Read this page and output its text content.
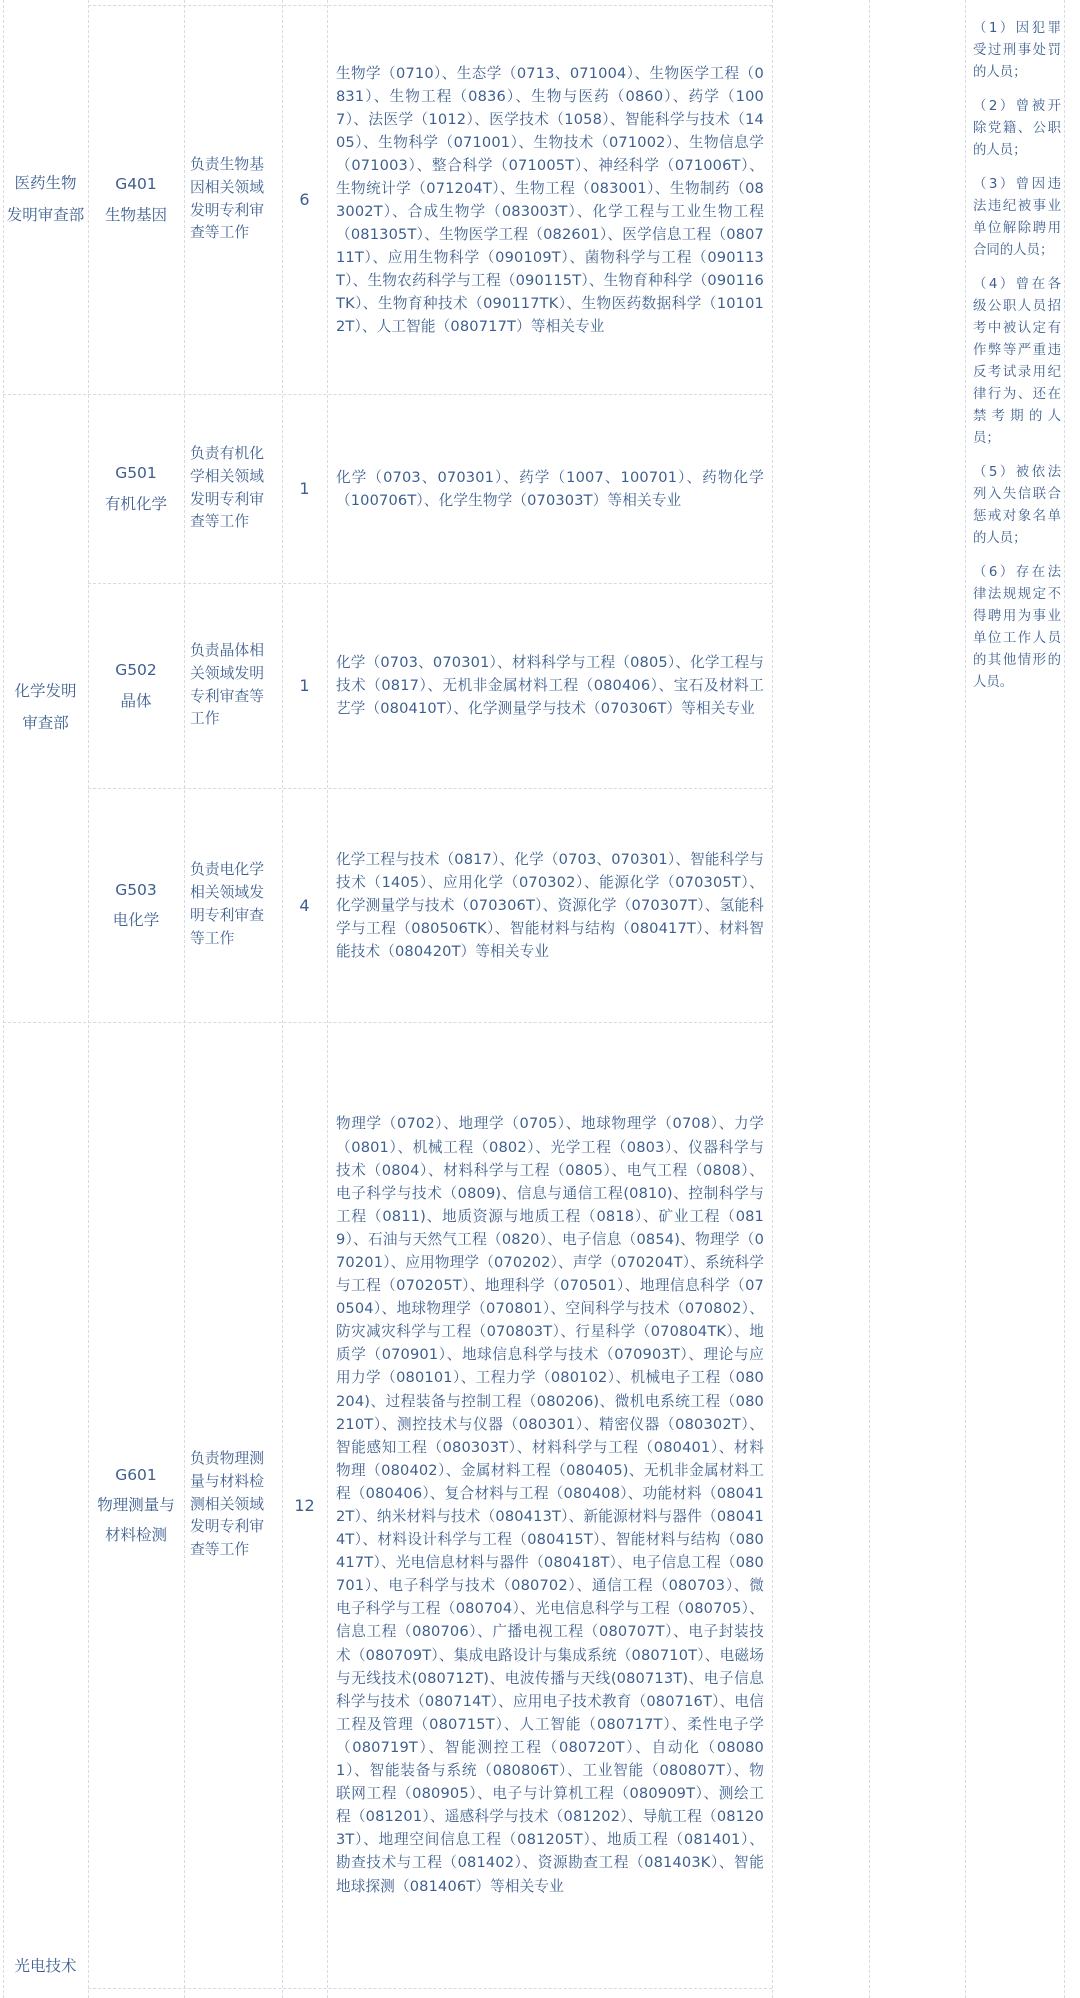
医药生物
发明审查部
化学发明
审查部
光电技术
G401
生物基因
负责生物基因相关领域发明专利审查等工作
6
生物学（0710）、生态学（0713、071004）、生物医学工程（0831）、生物工程（0836）、生物与医药（0860）、药学（1007）、法医学（1012）、医学技术（1058）、智能科学与技术（1405）、生物科学（071001）、生物技术（071002）、生物信息学（071003）、整合科学（071005T）、神经科学（071006T）、生物统计学（071204T）、生物工程（083001）、生物制药（083002T）、合成生物学（083003T）、化学工程与工业生物工程（081305T）、生物医学工程（082601）、医学信息工程（080711T）、应用生物科学（090109T）、菌物科学与工程（090113T）、生物农药科学与工程（090115T）、生物育种科学（090116TK）、生物育种技术（090117TK）、生物医药数据科学（101012T）、人工智能（080717T）等相关专业
G501
有机化学
负责有机化学相关领域发明专利审查等工作
1
化学（0703、070301）、药学（1007、100701）、药物化学（100706T）、化学生物学（070303T）等相关专业
G502
晶体
负责晶体相关领域发明专利审查等工作
1
化学（0703、070301）、材料科学与工程（0805）、化学工程与技术（0817）、无机非金属材料工程（080406）、宝石及材料工艺学（080410T）、化学测量学与技术（070306T）等相关专业
G503
电化学
负责电化学相关领域发明专利审查等工作
4
化学工程与技术（0817）、化学（0703、070301）、智能科学与技术（1405）、应用化学（070302）、能源化学（070305T）、化学测量学与技术（070306T）、资源化学（070307T）、氢能科学与工程（080506TK）、智能材料与结构（080417T）、材料智能技术（080420T）等相关专业
G601
物理测量与
材料检测
负责物理测量与材料检测相关领域发明专利审查等工作
12
物理学（0702）、地理学（0705）、地球物理学（0708）、力学（0801）、机械工程（0802）、光学工程（0803）、仪器科学与技术（0804）、材料科学与工程（0805）、电气工程（0808）、电子科学与技术（0809)、信息与通信工程(0810)、控制科学与工程（0811)、地质资源与地质工程（0818）、矿业工程（0819）、石油与天然气工程（0820）、电子信息（0854)、物理学（070201）、应用物理学（070202）、声学（070204T）、系统科学与工程（070205T）、地理科学（070501）、地理信息科学（070504）、地球物理学（070801）、空间科学与技术（070802）、防灾减灾科学与工程（070803T）、行星科学（070804TK）、地质学（070901）、地球信息科学与技术（070903T）、理论与应用力学（080101）、工程力学（080102）、机械电子工程（080204)、过程装备与控制工程（080206)、微机电系统工程（080210T）、测控技术与仪器（080301）、精密仪器（080302T）、智能感知工程（080303T）、材料科学与工程（080401）、材料物理（080402）、金属材料工程（080405)、无机非金属材料工程（080406）、复合材料与工程（080408）、功能材料（080412T）、纳米材料与技术（080413T）、新能源材料与器件（080414T）、材料设计科学与工程（080415T）、智能材料与结构（080417T）、光电信息材料与器件（080418T）、电子信息工程（080701）、电子科学与技术（080702）、通信工程（080703）、微电子科学与工程（080704）、光电信息科学与工程（080705）、信息工程（080706）、广播电视工程（080707T）、电子封装技术（080709T）、集成电路设计与集成系统（080710T）、电磁场与无线技术(080712T)、电波传播与天线(080713T)、电子信息科学与技术（080714T）、应用电子技术教育（080716T）、电信工程及管理（080715T）、人工智能（080717T）、柔性电子学（080719T）、智能测控工程（080720T）、自动化（080801）、智能装备与系统（080806T）、工业智能（080807T）、物联网工程（080905）、电子与计算机工程（080909T）、测绘工程（081201）、遥感科学与技术（081202）、导航工程（081203T）、地理空间信息工程（081205T）、地质工程（081401）、勘查技术与工程（081402）、资源勘查工程（081403K）、智能地球探测（081406T）等相关专业

（1）因犯罪受过刑事处罚的人员；

（2）曾被开除党籍、公职的人员；

（3）曾因违法违纪被事业单位解除聘用合同的人员；

（4）曾在各级公职人员招考中被认定有作弊等严重违反考试录用纪律行为、还在禁考期的人员；

（5）被依法列入失信联合惩戒对象名单的人员；

（6）存在法律法规规定不得聘用为事业单位工作人员的其他情形的人员。
